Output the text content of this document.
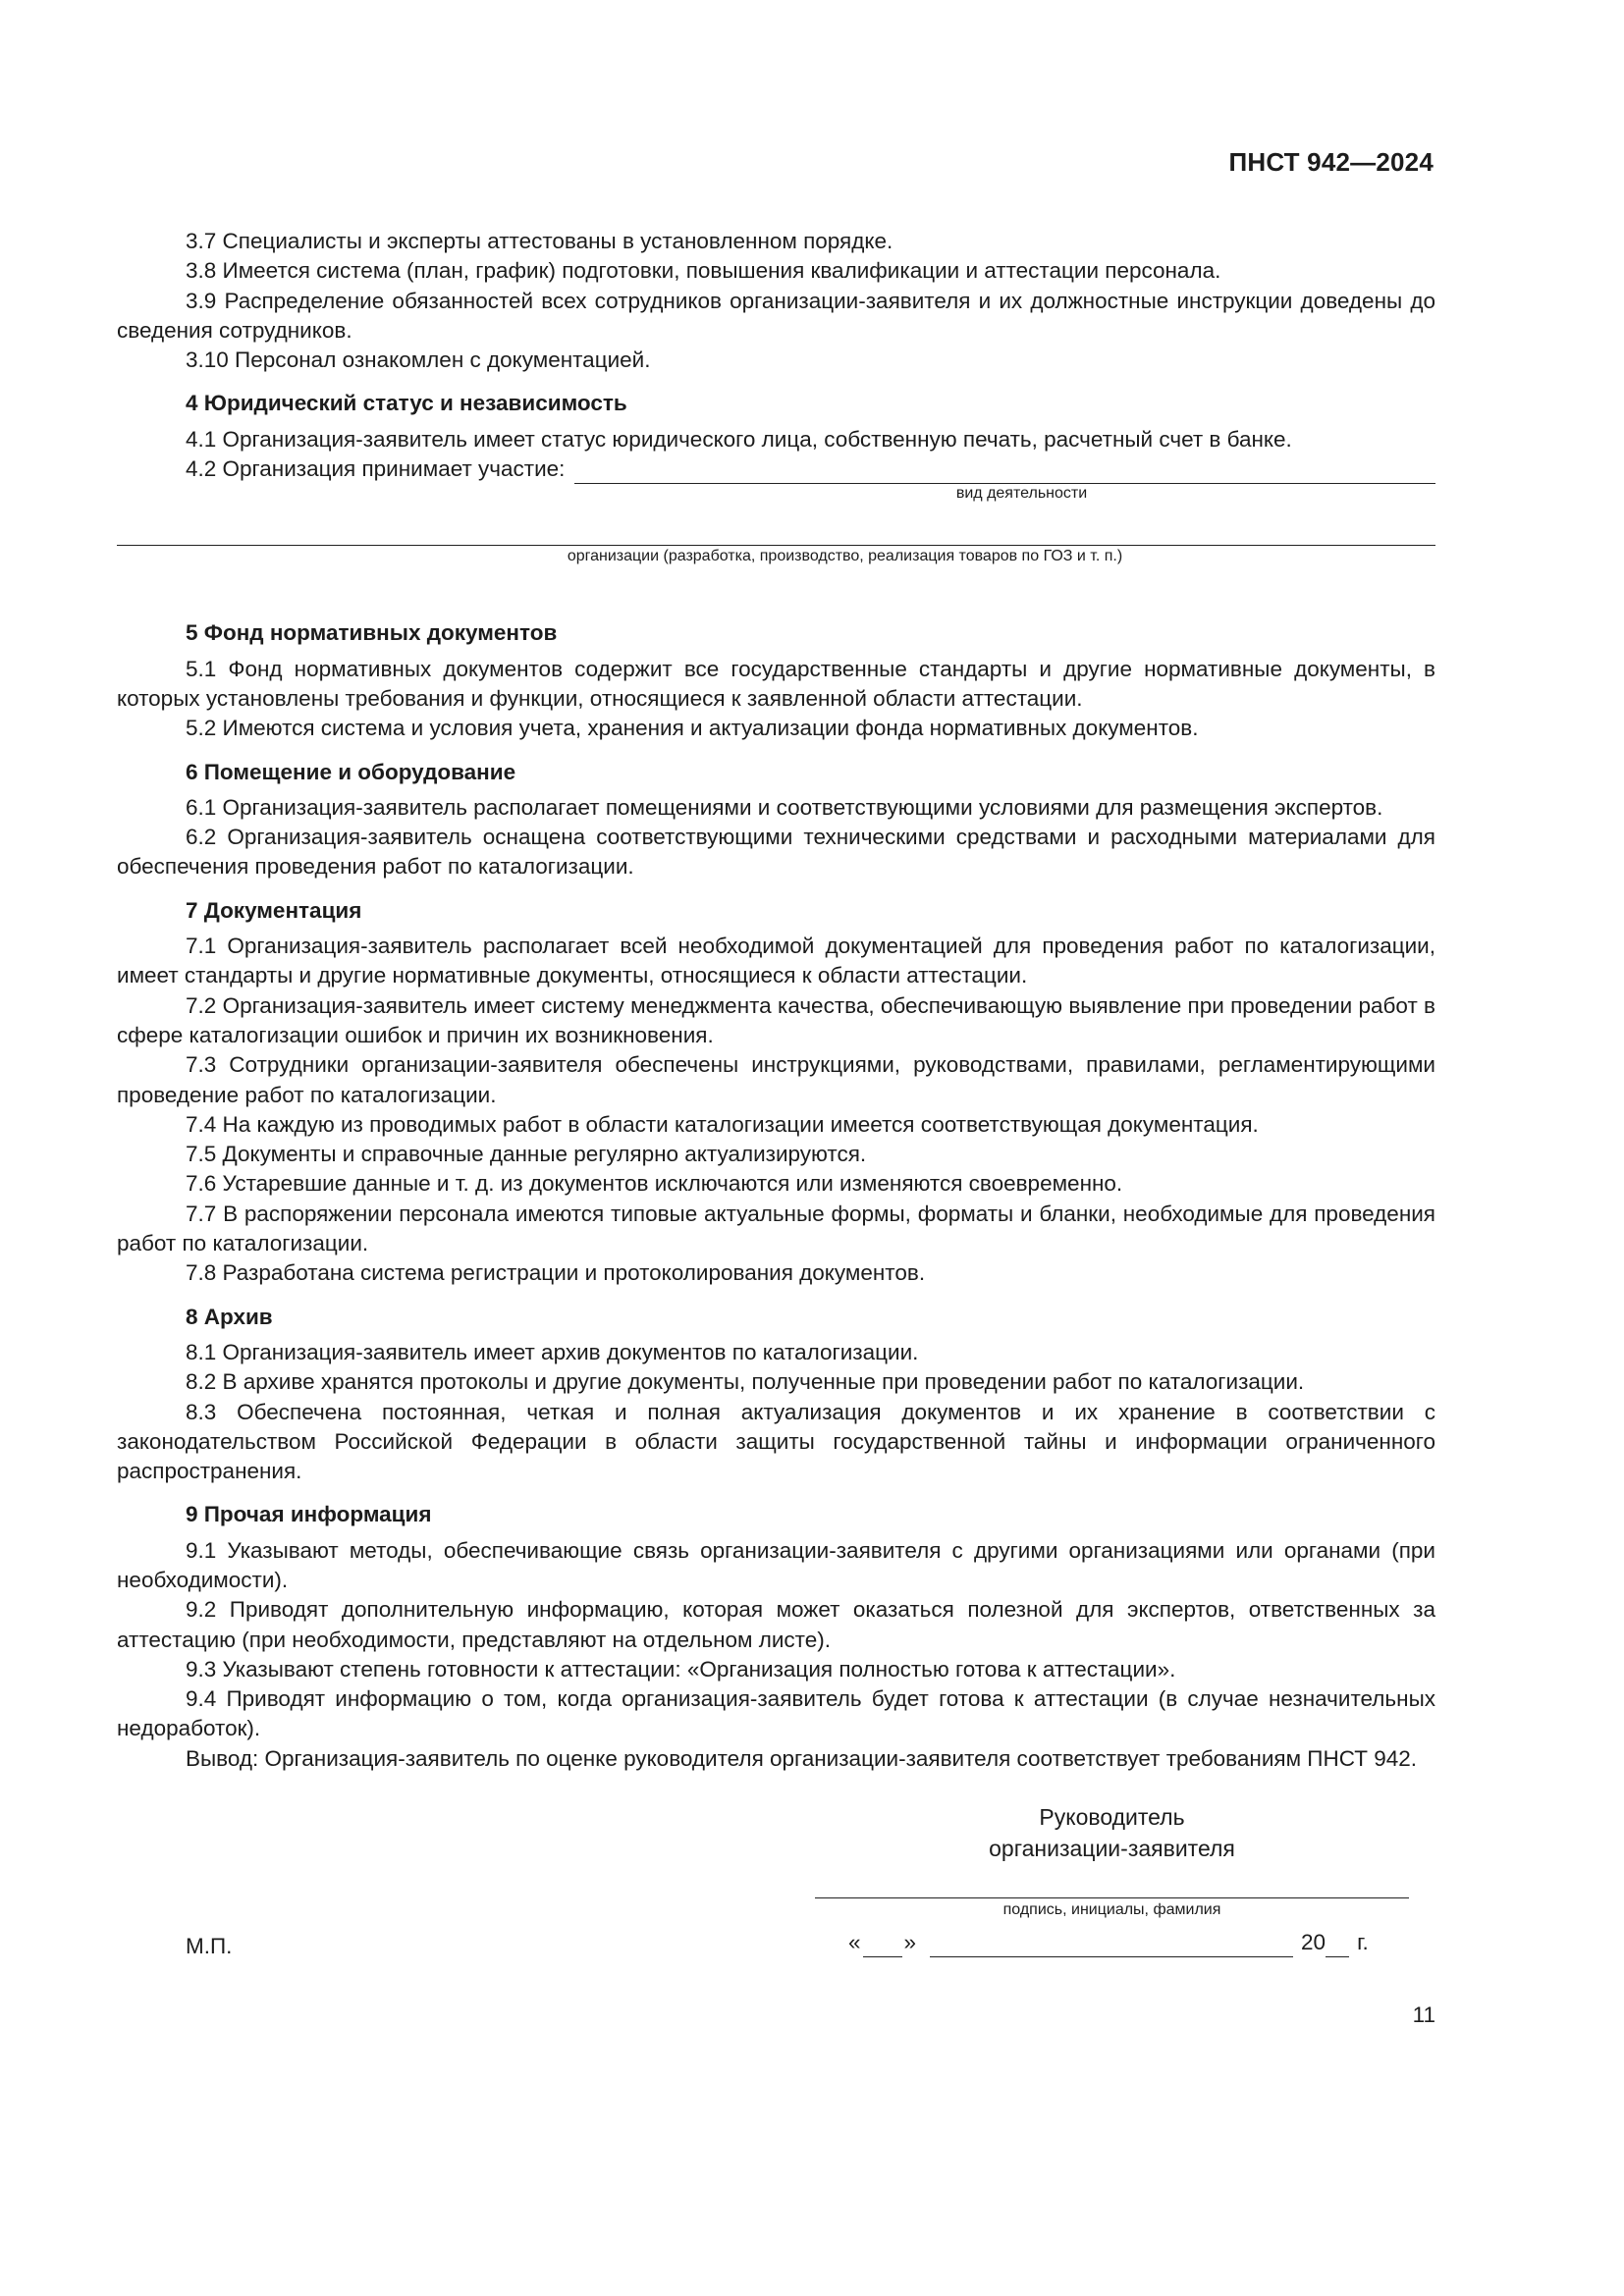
ПНСТ 942—2024

3.7 Специалисты и эксперты аттестованы в установленном порядке.

3.8 Имеется система (план, график) подготовки, повышения квалификации и аттестации персонала.

3.9 Распределение обязанностей всех сотрудников организации-заявителя и их должностные инструкции доведены до сведения сотрудников.

3.10 Персонал ознакомлен с документацией.

4 Юридический статус и независимость

4.1 Организация-заявитель имеет статус юридического лица, собственную печать, расчетный счет в банке.

4.2 Организация принимает участие:
вид деятельности
организации (разработка, производство, реализация товаров по ГОЗ и т. п.)
5 Фонд нормативных документов

5.1 Фонд нормативных документов содержит все государственные стандарты и другие нормативные документы, в которых установлены требования и функции, относящиеся к заявленной области аттестации.

5.2 Имеются система и условия учета, хранения и актуализации фонда нормативных документов.

6 Помещение и оборудование

6.1 Организация-заявитель располагает помещениями и соответствующими условиями для размещения экспертов.

6.2 Организация-заявитель оснащена соответствующими техническими средствами и расходными материалами для обеспечения проведения работ по каталогизации.

7 Документация

7.1 Организация-заявитель располагает всей необходимой документацией для проведения работ по каталогизации, имеет стандарты и другие нормативные документы, относящиеся к области аттестации.

7.2 Организация-заявитель имеет систему менеджмента качества, обеспечивающую выявление при проведении работ в сфере каталогизации ошибок и причин их возникновения.

7.3 Сотрудники организации-заявителя обеспечены инструкциями, руководствами, правилами, регламентирующими проведение работ по каталогизации.

7.4 На каждую из проводимых работ в области каталогизации имеется соответствующая документация.

7.5 Документы и справочные данные регулярно актуализируются.

7.6 Устаревшие данные и т. д. из документов исключаются или изменяются своевременно.

7.7 В распоряжении персонала имеются типовые актуальные формы, форматы и бланки, необходимые для проведения работ по каталогизации.

7.8 Разработана система регистрации и протоколирования документов.

8 Архив

8.1 Организация-заявитель имеет архив документов по каталогизации.

8.2 В архиве хранятся протоколы и другие документы, полученные при проведении работ по каталогизации.

8.3 Обеспечена постоянная, четкая и полная актуализация документов и их хранение в соответствии с законодательством Российской Федерации в области защиты государственной тайны и информации ограниченного распространения.

9 Прочая информация

9.1 Указывают методы, обеспечивающие связь организации-заявителя с другими организациями или органами (при необходимости).

9.2 Приводят дополнительную информацию, которая может оказаться полезной для экспертов, ответственных за аттестацию (при необходимости, представляют на отдельном листе).

9.3 Указывают степень готовности к аттестации: «Организация полностью готова к аттестации».

9.4 Приводят информацию о том, когда организация-заявитель будет готова к аттестации (в случае незначительных недоработок).

Вывод: Организация-заявитель по оценке руководителя организации-заявителя соответствует требованиям ПНСТ 942.

Руководитель
организации-заявителя
подпись, инициалы, фамилия
М.П.	« »	20 г.
11
